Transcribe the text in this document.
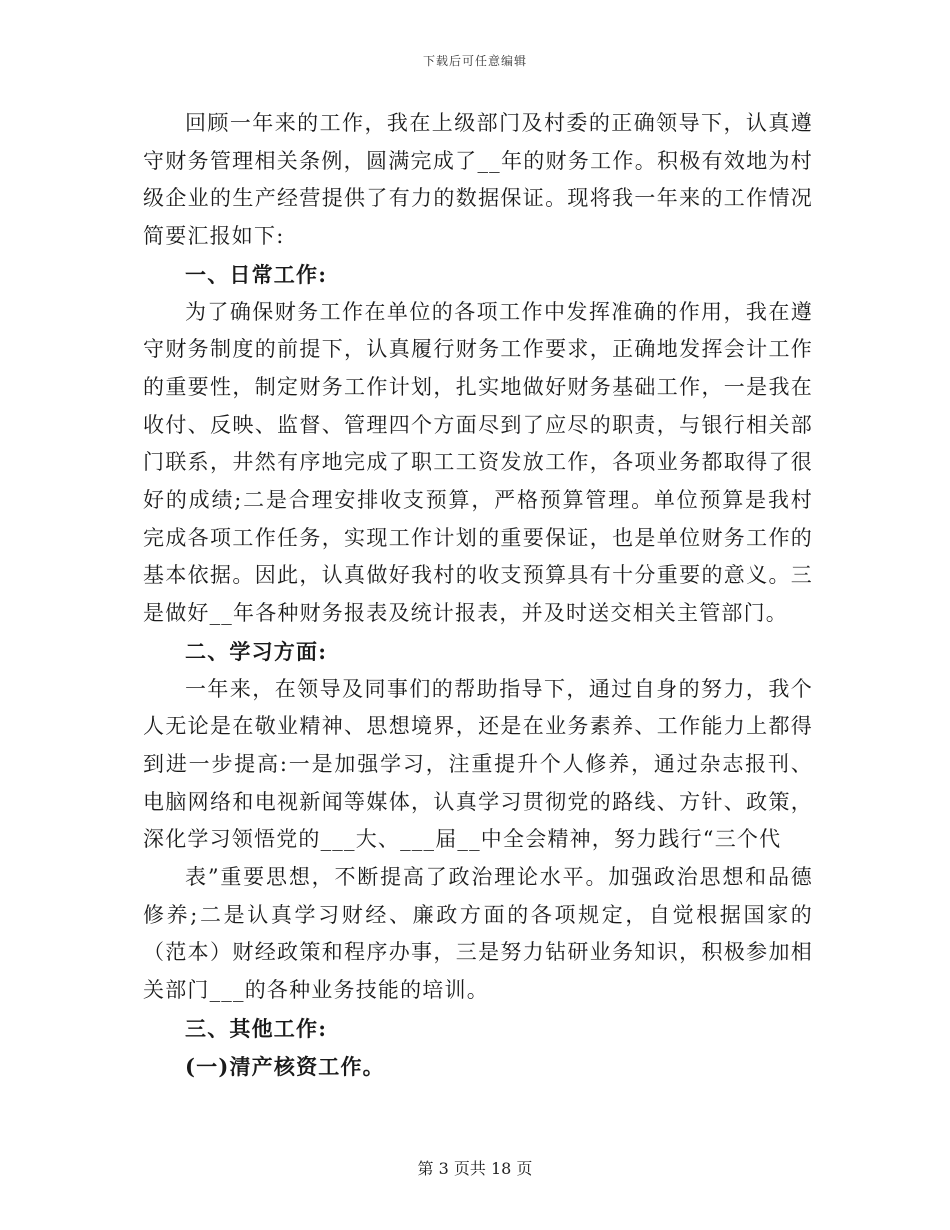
下载后可任意编辑

回顾一年来的工作，我在上级部门及村委的正确领导下，认真遵守财务管理相关条例，圆满完成了__年的财务工作。积极有效地为村级企业的生产经营提供了有力的数据保证。现将我一年来的工作情况简要汇报如下:

一、日常工作:

为了确保财务工作在单位的各项工作中发挥准确的作用，我在遵守财务制度的前提下，认真履行财务工作要求，正确地发挥会计工作的重要性，制定财务工作计划，扎实地做好财务基础工作，一是我在收付、反映、监督、管理四个方面尽到了应尽的职责，与银行相关部门联系，井然有序地完成了职工工资发放工作，各项业务都取得了很好的成绩;二是合理安排收支预算，严格预算管理。单位预算是我村完成各项工作任务，实现工作计划的重要保证，也是单位财务工作的基本依据。因此，认真做好我村的收支预算具有十分重要的意义。三是做好__年各种财务报表及统计报表，并及时送交相关主管部门。

二、学习方面:

一年来，在领导及同事们的帮助指导下，通过自身的努力，我个人无论是在敬业精神、思想境界，还是在业务素养、工作能力上都得到进一步提高:一是加强学习，注重提升个人修养，通过杂志报刊、电脑网络和电视新闻等媒体，认真学习贯彻党的路线、方针、政策，深化学习领悟党的___大、___届__中全会精神，努力践行“三个代

表”重要思想，不断提高了政治理论水平。加强政治思想和品德修养;二是认真学习财经、廉政方面的各项规定，自觉根据国家的（范本）财经政策和程序办事，三是努力钻研业务知识，积极参加相关部门___的各种业务技能的培训。

三、其他工作:

(一)清产核资工作。

第 3 页共 18 页
